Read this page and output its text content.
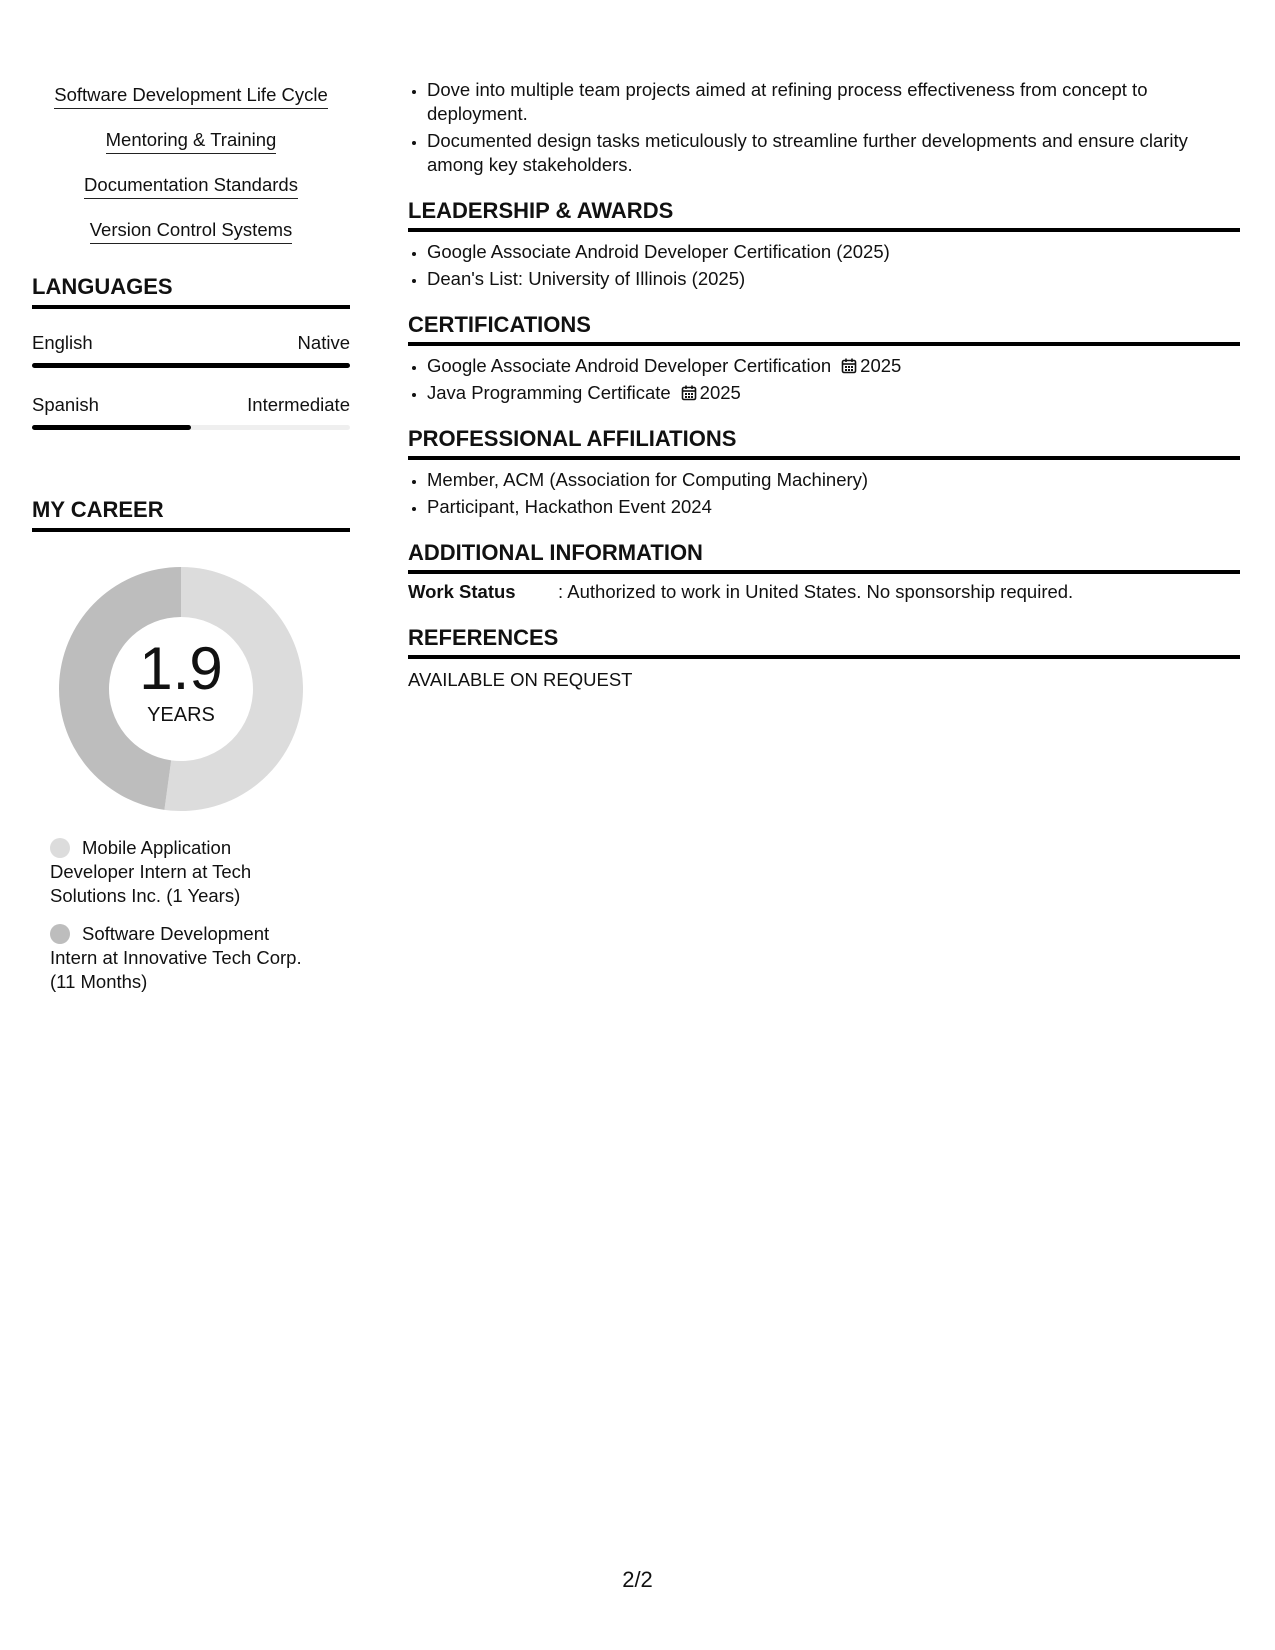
Software Development Life Cycle
Mentoring & Training
Documentation Standards
Version Control Systems
LANGUAGES
English	Native
Spanish	Intermediate
MY CAREER
1.9
YEARS
Mobile Application Developer Intern at Tech Solutions Inc. (1 Years)
Software Development Intern at Innovative Tech Corp. (11 Months)
• Dove into multiple team projects aimed at refining process effectiveness from concept to deployment.
• Documented design tasks meticulously to streamline further developments and ensure clarity among key stakeholders.
LEADERSHIP & AWARDS
• Google Associate Android Developer Certification (2025)
• Dean's List: University of Illinois (2025)
CERTIFICATIONS
• Google Associate Android Developer Certification 2025
• Java Programming Certificate 2025
PROFESSIONAL AFFILIATIONS
• Member, ACM (Association for Computing Machinery)
• Participant, Hackathon Event 2024
ADDITIONAL INFORMATION
Work Status	: Authorized to work in United States. No sponsorship required.
REFERENCES
AVAILABLE ON REQUEST
2/2
